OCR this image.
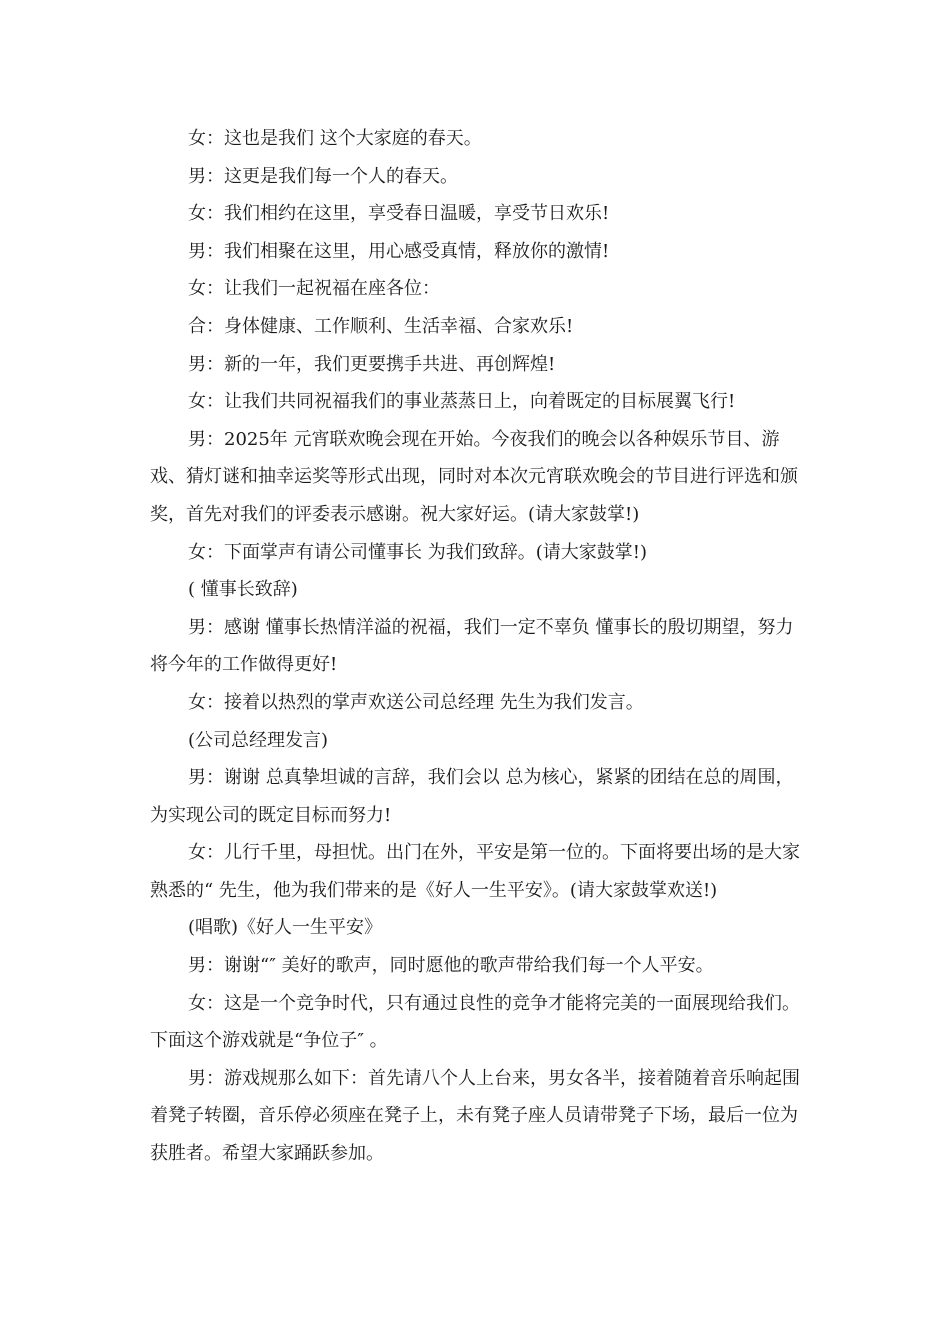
女：这也是我们 这个大家庭的春天。

男：这更是我们每一个人的春天。

女：我们相约在这里，享受春日温暖，享受节日欢乐!

男：我们相聚在这里，用心感受真情，释放你的激情!

女：让我们一起祝福在座各位：

合：身体健康、工作顺利、生活幸福、合家欢乐!

男：新的一年，我们更要携手共进、再创辉煌!

女：让我们共同祝福我们的事业蒸蒸日上，向着既定的目标展翼飞行!

男：2025年 元宵联欢晚会现在开始。今夜我们的晚会以各种娱乐节目、游戏、猜灯谜和抽幸运奖等形式出现，同时对本次元宵联欢晚会的节目进行评选和颁奖，首先对我们的评委表示感谢。祝大家好运。(请大家鼓掌!)

女：下面掌声有请公司懂事长 为我们致辞。(请大家鼓掌!)

( 懂事长致辞)

男：感谢 懂事长热情洋溢的祝福，我们一定不辜负 懂事长的殷切期望，努力将今年的工作做得更好!

女：接着以热烈的掌声欢送公司总经理 先生为我们发言。

(公司总经理发言)

男：谢谢 总真挚坦诚的言辞，我们会以 总为核心，紧紧的团结在总的周围，为实现公司的既定目标而努力!

女：儿行千里，母担忧。出门在外，平安是第一位的。下面将要出场的是大家熟悉的“ 先生，他为我们带来的是《好人一生平安》。(请大家鼓掌欢送!)

(唱歌)《好人一生平安》

男：谢谢“″ 美好的歌声，同时愿他的歌声带给我们每一个人平安。

女：这是一个竞争时代，只有通过良性的竞争才能将完美的一面展现给我们。下面这个游戏就是“争位子″ 。

男：游戏规那么如下：首先请八个人上台来，男女各半，接着随着音乐响起围着凳子转圈，音乐停必须座在凳子上，未有凳子座人员请带凳子下场，最后一位为获胜者。希望大家踊跃参加。
